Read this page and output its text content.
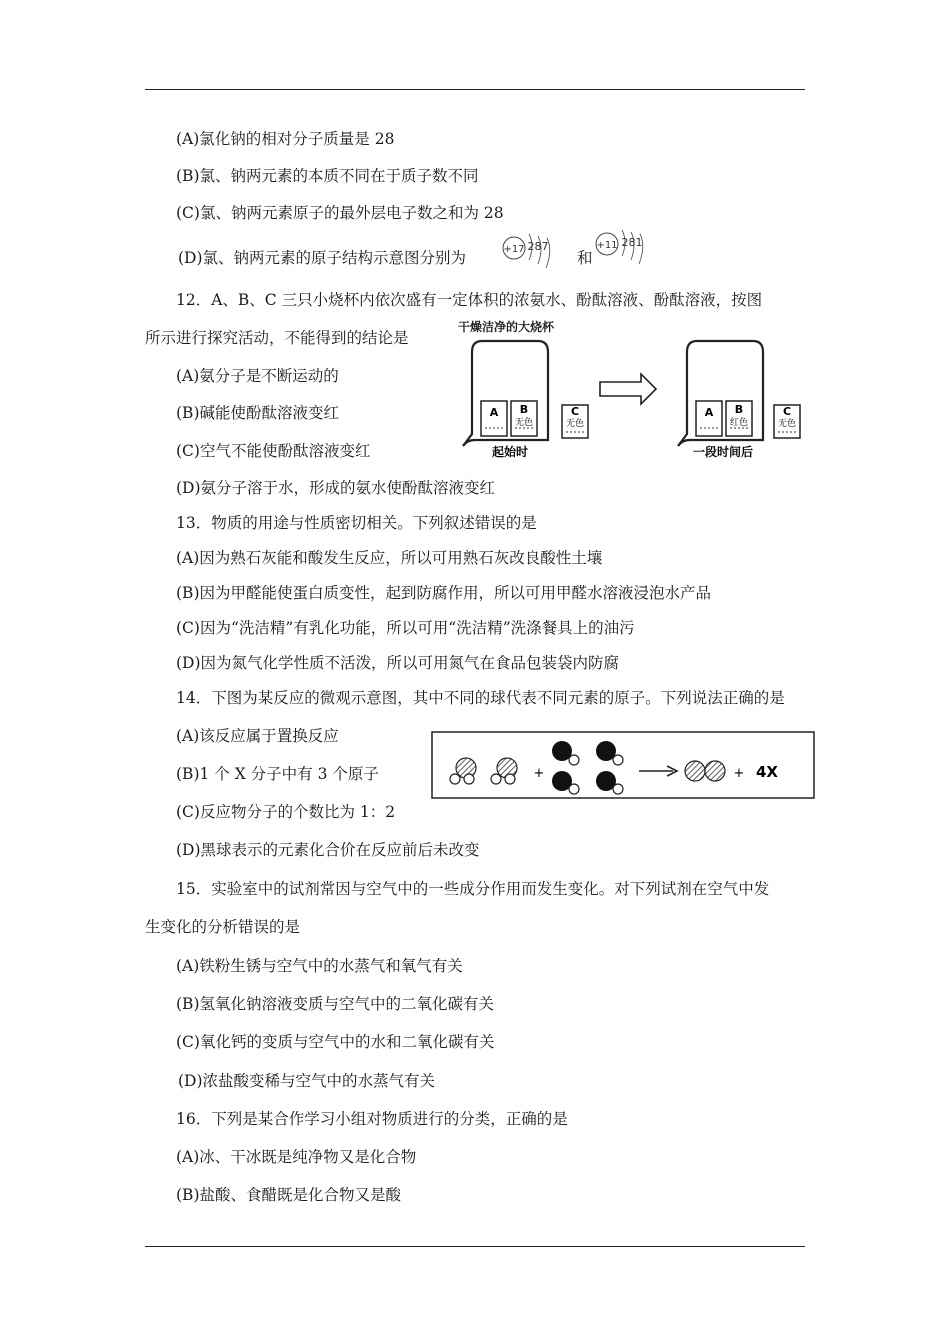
(A)氯化钠的相对分子质量是 28
(B)氯、钠两元素的本质不同在于质子数不同
(C)氯、钠两元素原子的最外层电子数之和为 28
(D)氯、钠两元素的原子结构示意图分别为	+17 287
和
+11 281
12．A、B、C 三只小烧杯内依次盛有一定体积的浓氨水、酚酞溶液、酚酞溶液，按图
所示进行探究活动，不能得到的结论是
(A)氨分子是不断运动的
(B)碱能使酚酞溶液变红
(C)空气不能使酚酞溶液变红
(D)氨分子溶于水，形成的氨水使酚酞溶液变红
干燥洁净的大烧杯
A B
无色
C
无色
起始时
A B
红色
C
无色
一段时间后
13．物质的用途与性质密切相关。下列叙述错误的是
(A)因为熟石灰能和酸发生反应，所以可用熟石灰改良酸性土壤
(B)因为甲醛能使蛋白质变性，起到防腐作用，所以可用甲醛水溶液浸泡水产品
(C)因为“洗洁精”有乳化功能，所以可用“洗洁精”洗涤餐具上的油污
(D)因为氮气化学性质不活泼，所以可用氮气在食品包装袋内防腐
14．下图为某反应的微观示意图，其中不同的球代表不同元素的原子。下列说法正确的是
(A)该反应属于置换反应
(B)1 个 X 分子中有 3 个原子
(C)反应物分子的个数比为 1：2
(D)黑球表示的元素化合价在反应前后未改变
+	+ 4X
15．实验室中的试剂常因与空气中的一些成分作用而发生变化。对下列试剂在空气中发
生变化的分析错误的是
(A)铁粉生锈与空气中的水蒸气和氧气有关
(B)氢氧化钠溶液变质与空气中的二氧化碳有关
(C)氧化钙的变质与空气中的水和二氧化碳有关
(D)浓盐酸变稀与空气中的水蒸气有关
16．下列是某合作学习小组对物质进行的分类，正确的是
(A)冰、干冰既是纯净物又是化合物
(B)盐酸、食醋既是化合物又是酸
